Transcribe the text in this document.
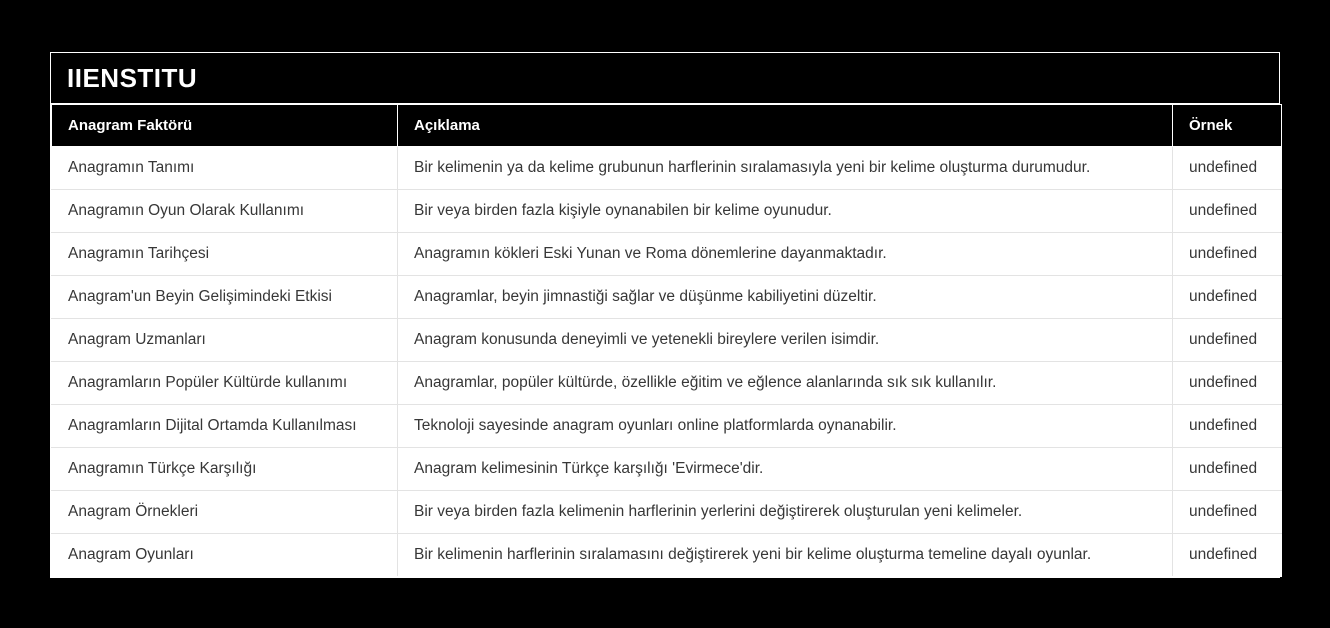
IIENSTITU
Anagram Faktörü	Açıklama	Örnek
Anagramın Tanımı	Bir kelimenin ya da kelime grubunun harflerinin sıralamasıyla yeni bir kelime oluşturma durumudur.	undefined
Anagramın Oyun Olarak Kullanımı	Bir veya birden fazla kişiyle oynanabilen bir kelime oyunudur.	undefined
Anagramın Tarihçesi	Anagramın kökleri Eski Yunan ve Roma dönemlerine dayanmaktadır.	undefined
Anagram'un Beyin Gelişimindeki Etkisi	Anagramlar, beyin jimnastiği sağlar ve düşünme kabiliyetini düzeltir.	undefined
Anagram Uzmanları	Anagram konusunda deneyimli ve yetenekli bireylere verilen isimdir.	undefined
Anagramların Popüler Kültürde kullanımı	Anagramlar, popüler kültürde, özellikle eğitim ve eğlence alanlarında sık sık kullanılır.	undefined
Anagramların Dijital Ortamda Kullanılması	Teknoloji sayesinde anagram oyunları online platformlarda oynanabilir.	undefined
Anagramın Türkçe Karşılığı	Anagram kelimesinin Türkçe karşılığı 'Evirmece'dir.	undefined
Anagram Örnekleri	Bir veya birden fazla kelimenin harflerinin yerlerini değiştirerek oluşturulan yeni kelimeler.	undefined
Anagram Oyunları	Bir kelimenin harflerinin sıralamasını değiştirerek yeni bir kelime oluşturma temeline dayalı oyunlar.	undefined
